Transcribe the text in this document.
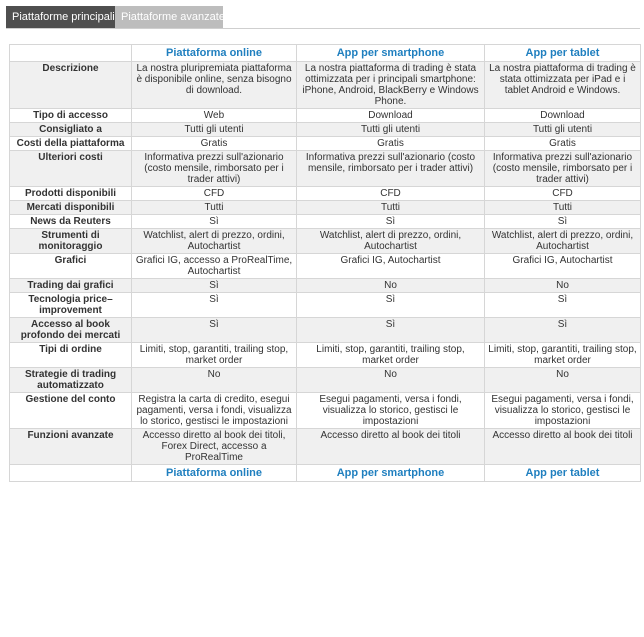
Piattaforme principali Piattaforme avanzate
	Piattaforma online	App per smartphone	App per tablet
Descrizione	La nostra pluripremiata piattaforma è disponibile online, senza bisogno di download.	La nostra piattaforma di trading è stata ottimizzata per i principali smartphone: iPhone, Android, BlackBerry e Windows Phone.	La nostra piattaforma di trading è stata ottimizzata per iPad e i tablet Android e Windows.
Tipo di accesso	Web	Download	Download
Consigliato a	Tutti gli utenti	Tutti gli utenti	Tutti gli utenti
Costi della piattaforma	Gratis	Gratis	Gratis
Ulteriori costi	Informativa prezzi sull'azionario (costo mensile, rimborsato per i trader attivi)	Informativa prezzi sull'azionario (costo mensile, rimborsato per i trader attivi)	Informativa prezzi sull'azionario (costo mensile, rimborsato per i trader attivi)
Prodotti disponibili	CFD	CFD	CFD
Mercati disponibili	Tutti	Tutti	Tutti
News da Reuters	Sì	Sì	Sì
Strumenti di monitoraggio	Watchlist, alert di prezzo, ordini, Autochartist	Watchlist, alert di prezzo, ordini, Autochartist	Watchlist, alert di prezzo, ordini, Autochartist
Grafici	Grafici IG, accesso a ProRealTime, Autochartist	Grafici IG, Autochartist	Grafici IG, Autochartist
Trading dai grafici	Sì	No	No
Tecnologia price–improvement	Sì	Sì	Sì
Accesso al book profondo dei mercati	Sì	Sì	Sì
Tipi di ordine	Limiti, stop, garantiti, trailing stop, market order	Limiti, stop, garantiti, trailing stop, market order	Limiti, stop, garantiti, trailing stop, market order
Strategie di trading automatizzato	No	No	No
Gestione del conto	Registra la carta di credito, esegui pagamenti, versa i fondi, visualizza lo storico, gestisci le impostazioni	Esegui pagamenti, versa i fondi, visualizza lo storico, gestisci le impostazioni	Esegui pagamenti, versa i fondi, visualizza lo storico, gestisci le impostazioni
Funzioni avanzate	Accesso diretto al book dei titoli, Forex Direct, accesso a ProRealTime	Accesso diretto al book dei titoli	Accesso diretto al book dei titoli
	Piattaforma online	App per smartphone	App per tablet
